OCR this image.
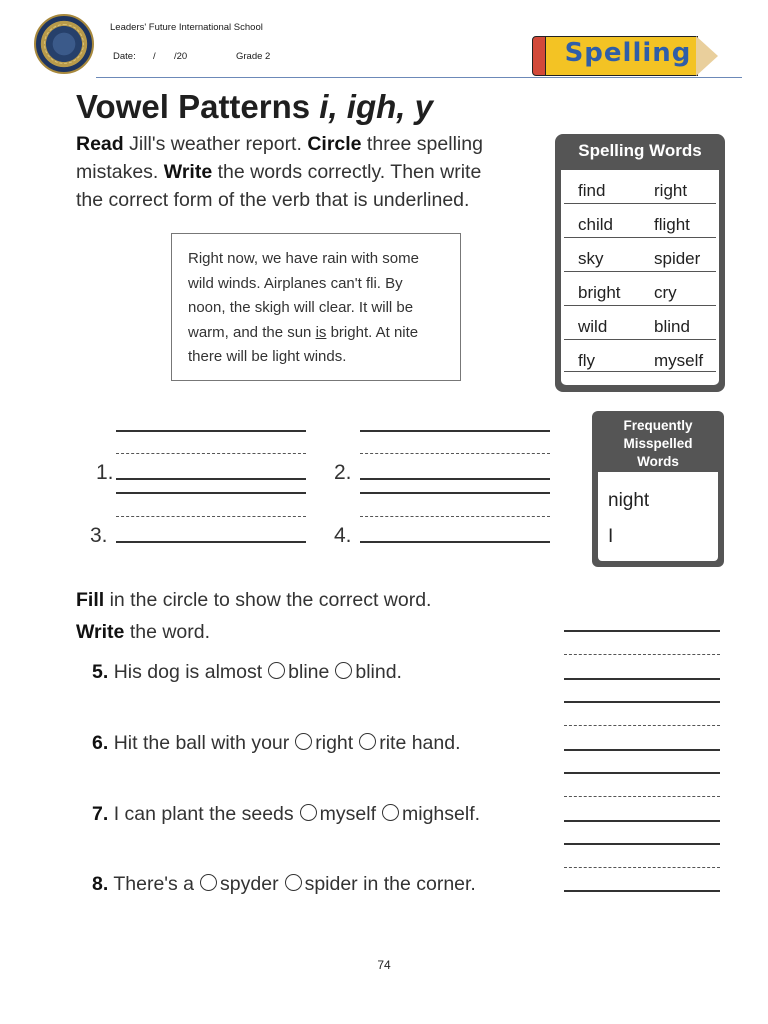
Leaders' Future International School
Date: / /20	Grade 2	Spelling
Vowel Patterns i, igh, y
Read Jill's weather report. Circle three spelling
mistakes. Write the words correctly. Then write
the correct form of the verb that is underlined.
Right now, we have rain with some
wild winds. Airplanes can't fli. By
noon, the skigh will clear. It will be
warm, and the sun is bright. At nite
there will be light winds.
Spelling Words
find	right
child flight
sky	spider
bright cry
wild	blind
fly	myself
Frequently
Misspelled
Words
night
I
1.	2.
3.	4.
Fill in the circle to show the correct word.
Write the word.
5. His dog is almost bline blind.
6. Hit the ball with your right rite hand.
7. I can plant the seeds myself mighself.
8. There's a spyder spider in the corner.
74
